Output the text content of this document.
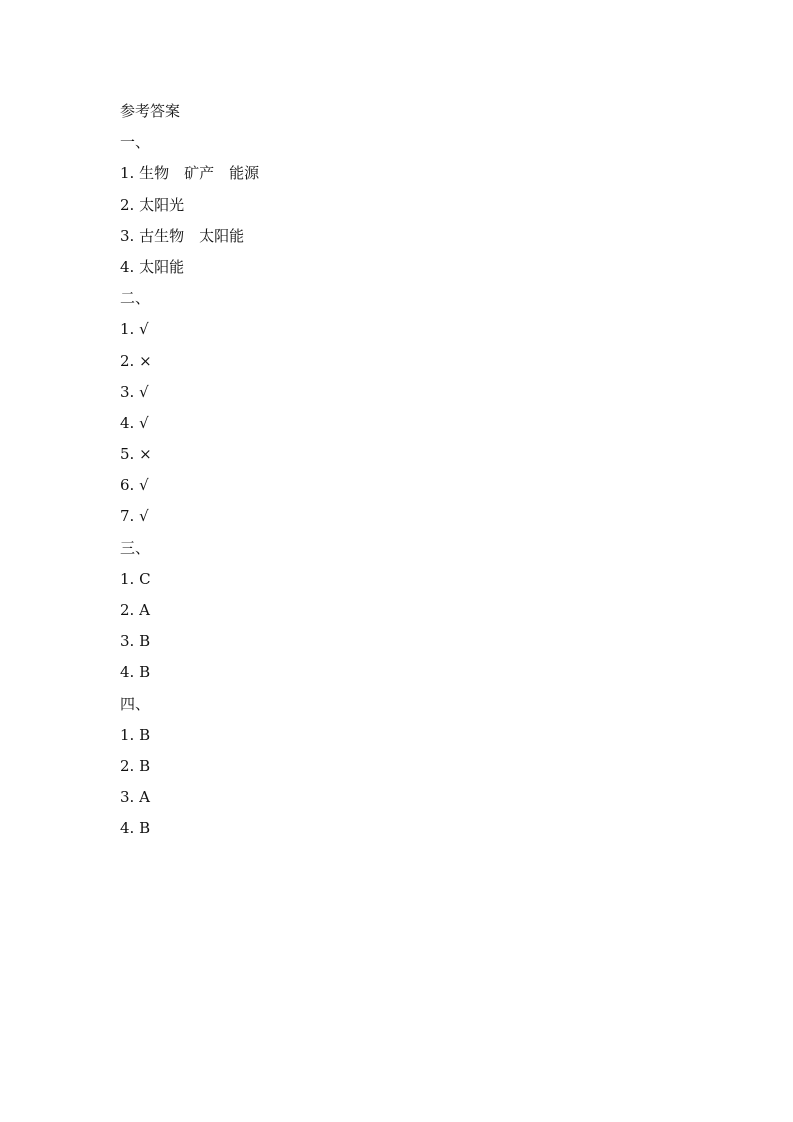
参考答案
一、
1. 生物　矿产　能源
2. 太阳光
3. 古生物　太阳能
4. 太阳能
二、
1. √
2. ×
3. √
4. √
5. ×
6. √
7. √
三、
1. C
2. A
3. B
4. B
四、
1. B
2. B
3. A
4. B
